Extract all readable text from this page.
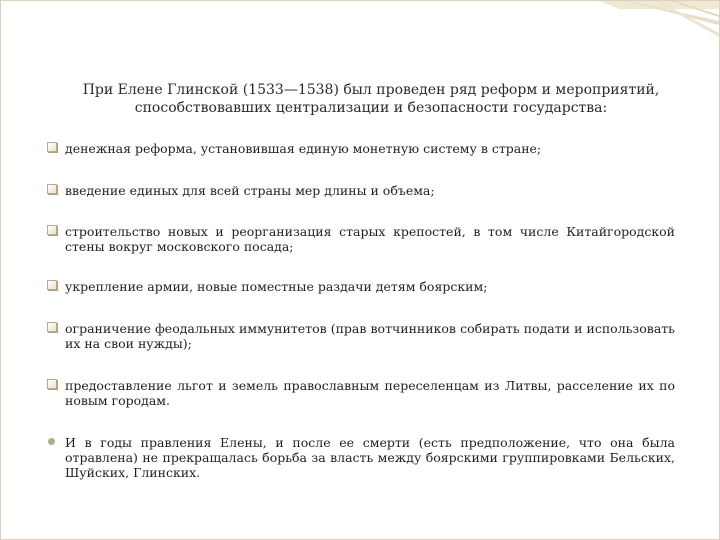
При Елене Глинской (1533—1538) был проведен ряд реформ и мероприятий,
способствовавших централизации и безопасности государства:
денежная реформа, установившая единую монетную систему в стране;
введение единых для всей страны мер длины и объема;
строительство новых и реорганизация старых крепостей, в том числе Китайгородской стены вокруг московского посада;
укрепление армии, новые поместные раздачи детям боярским;
ограничение феодальных иммунитетов (прав вотчинников собирать подати и использовать их на свои нужды);
предоставление льгот и земель православным переселенцам из Литвы, расселение их по новым городам.
И в годы правления Елены, и после ее смерти (есть предположение, что она была отравлена) не прекращалась борьба за власть между боярскими группировками Бельских, Шуйских, Глинских.
